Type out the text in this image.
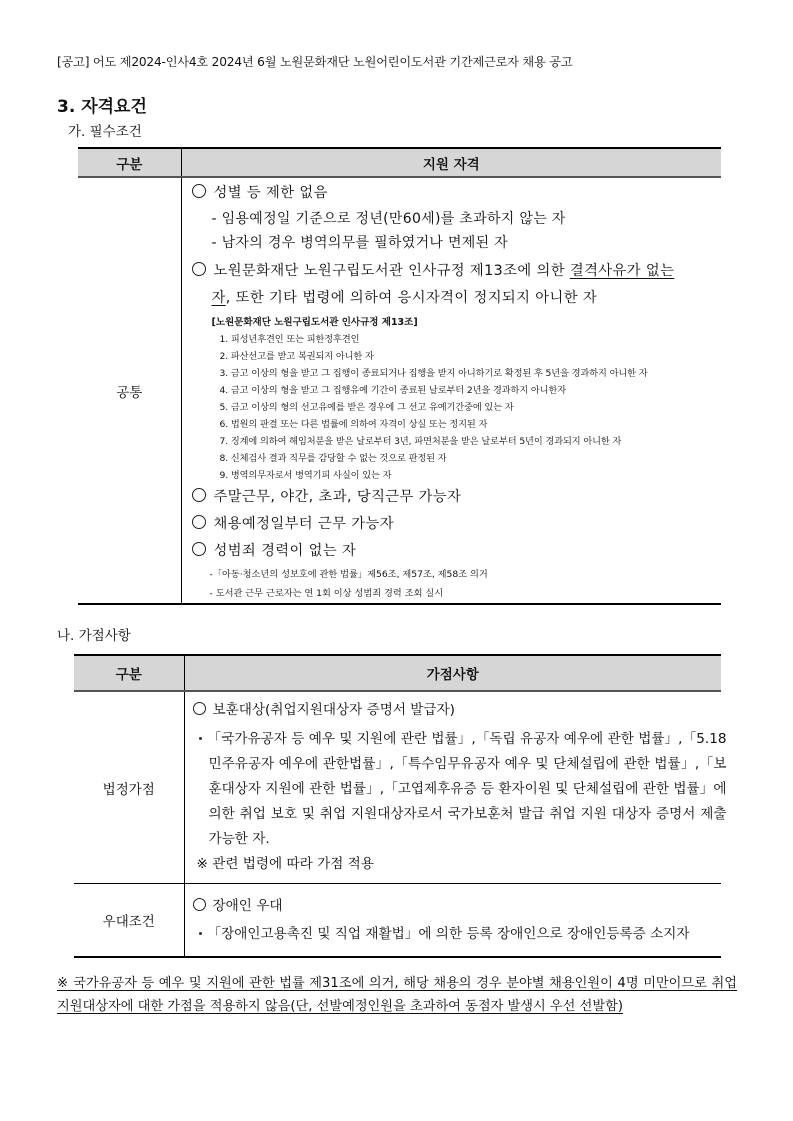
[공고] 어도 제2024-인사4호 2024년 6월 노원문화재단 노원어린이도서관 기간제근로자 채용 공고
3. 자격요건
가. 필수조건
구분	지원 자격
공통	
성별 등 제한 없음
- 임용예정일 기준으로 정년(만60세)를 초과하지 않는 자
- 남자의 경우 병역의무를 필하였거나 면제된 자
노원문화재단 노원구립도서관 인사규정 제13조에 의한 결격사유가 없는
자, 또한 기타 법령에 의하여 응시자격이 정지되지 아니한 자
[노원문화재단 노원구립도서관 인사규정 제13조]
1. 피성년후견인 또는 피한정후견인
2. 파산선고를 받고 복권되지 아니한 자
3. 금고 이상의 형을 받고 그 집행이 종료되거나 집행을 받지 아니하기로 확정된 후 5년을 경과하지 아니한 자
4. 금고 이상의 형을 받고 그 집행유예 기간이 종료된 날로부터 2년을 경과하지 아니한자
5. 금고 이상의 형의 선고유예를 받은 경우에 그 선고 유예기간중에 있는 자
6. 법원의 판결 또는 다른 법률에 의하여 자격이 상실 또는 정지된 자
7. 징계에 의하여 해임처분을 받은 날로부터 3년, 파면처분을 받은 날로부터 5년이 경과되지 아니한 자
8. 신체검사 결과 직무를 감당할 수 없는 것으로 판정된 자
9. 병역의무자로서 병역기피 사실이 있는 자
주말근무, 야간, 초과, 당직근무 가능자
채용예정일부터 근무 가능자
성범죄 경력이 없는 자
-「아동·청소년의 성보호에 관한 법률」제56조, 제57조, 제58조 의거
- 도서관 근무 근로자는 연 1회 이상 성범죄 경력 조회 실시
나. 가점사항
구분	가점사항
법정가점	보훈대상(취업지원대상자 증명서 발급자)
「국가유공자 등 예우 및 지원에 관란 법률」,「독립 유공자 예우에 관한 법률」,「5.18 민주유공자 예우에 관한법률」,「특수임무유공자 예우 및 단체설립에 관한 법률」,「보훈대상자 지원에 관한 법률」,「고엽제후유증 등 환자이원 및 단체설립에 관한 법률」에 의한 취업 보호 및 취업 지원대상자로서 국가보훈처 발급 취업 지원 대상자 증명서 제출 가능한 자.
※ 관련 법령에 따라 가점 적용

우대조건	장애인 우대
「장애인고용촉진 및 직업 재활법」에 의한 등록 장애인으로 장애인등록증 소지자
※ 국가유공자 등 예우 및 지원에 관한 법률 제31조에 의거, 해당 채용의 경우 분야별 채용인원이 4명 미만이므로 취업지원대상자에 대한 가점을 적용하지 않음(단, 선발예정인원을 초과하여 동점자 발생시 우선 선발함)
